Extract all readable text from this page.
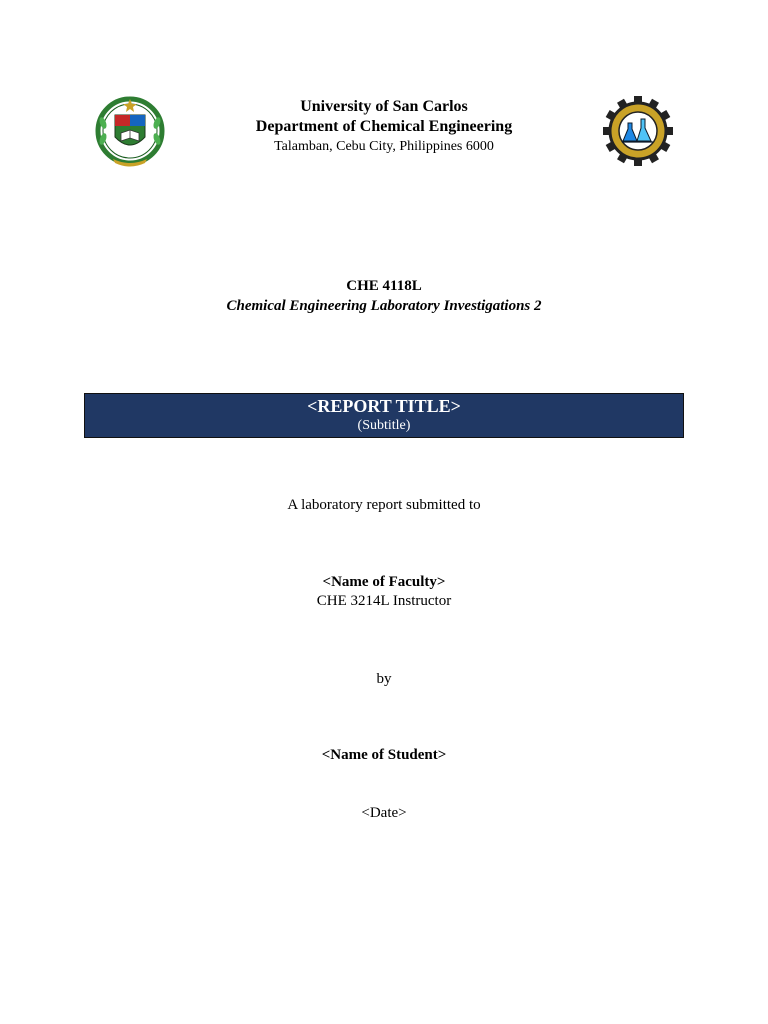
University of San Carlos
Department of Chemical Engineering
Talamban, Cebu City, Philippines 6000
CHE 4118L
Chemical Engineering Laboratory Investigations 2
<REPORT TITLE>
(Subtitle)
A laboratory report submitted to
<Name of Faculty>
CHE 3214L Instructor
by
<Name of Student>
<Date>
